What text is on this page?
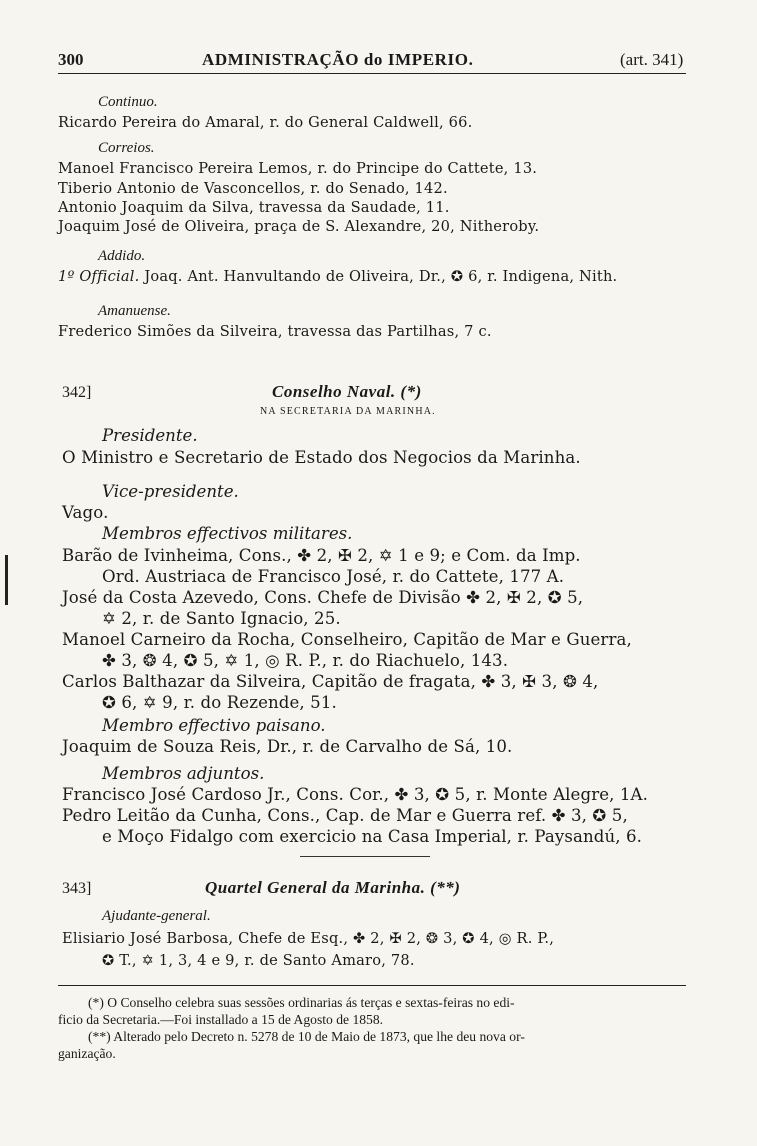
300	ADMINISTRAÇÃO do IMPERIO.	(art. 341)
Continuo.
Ricardo Pereira do Amaral, r. do General Caldwell, 66.
Correios.
Manoel Francisco Pereira Lemos, r. do Principe do Cattete, 13.
Tiberio Antonio de Vasconcellos, r. do Senado, 142.
Antonio Joaquim da Silva, travessa da Saudade, 11.
Joaquim José de Oliveira, praça de S. Alexandre, 20, Nitheroby.
Addido.
1º Official. Joaq. Ant. Hanvultando de Oliveira, Dr., ✪ 6, r. Indigena, Nith.
Amanuense.
Frederico Simões da Silveira, travessa das Partilhas, 7 c.
342]	Conselho Naval. (*)
NA SECRETARIA DA MARINHA.
Presidente.
O Ministro e Secretario de Estado dos Negocios da Marinha.
Vice-presidente.
Vago.
Membros effectivos militares.
Barão de Ivinheima, Cons., ✤ 2, ✠ 2, ✡ 1 e 9; e Com. da Imp.
Ord. Austriaca de Francisco José, r. do Cattete, 177 A.
José da Costa Azevedo, Cons. Chefe de Divisão ✤ 2, ✠ 2, ✪ 5,
✡ 2, r. de Santo Ignacio, 25.
Manoel Carneiro da Rocha, Conselheiro, Capitão de Mar e Guerra,
✤ 3, ❂ 4, ✪ 5, ✡ 1, ◎ R. P., r. do Riachuelo, 143.
Carlos Balthazar da Silveira, Capitão de fragata, ✤ 3, ✠ 3, ❂ 4,
✪ 6, ✡ 9, r. do Rezende, 51.
Membro effectivo paisano.
Joaquim de Souza Reis, Dr., r. de Carvalho de Sá, 10.
Membros adjuntos.
Francisco José Cardoso Jr., Cons. Cor., ✤ 3, ✪ 5, r. Monte Alegre, 1A.
Pedro Leitão da Cunha, Cons., Cap. de Mar e Guerra ref. ✤ 3, ✪ 5,
e Moço Fidalgo com exercicio na Casa Imperial, r. Paysandú, 6.
343]	Quartel General da Marinha. (**)
Ajudante-general.
Elisiario José Barbosa, Chefe de Esq., ✤ 2, ✠ 2, ❂ 3, ✪ 4, ◎ R. P.,
✪ T., ✡ 1, 3, 4 e 9, r. de Santo Amaro, 78.
(*) O Conselho celebra suas sessões ordinarias ás terças e sextas-feiras no edi-
ficio da Secretaria.—Foi installado a 15 de Agosto de 1858.
(**) Alterado pelo Decreto n. 5278 de 10 de Maio de 1873, que lhe deu nova or-
ganização.
